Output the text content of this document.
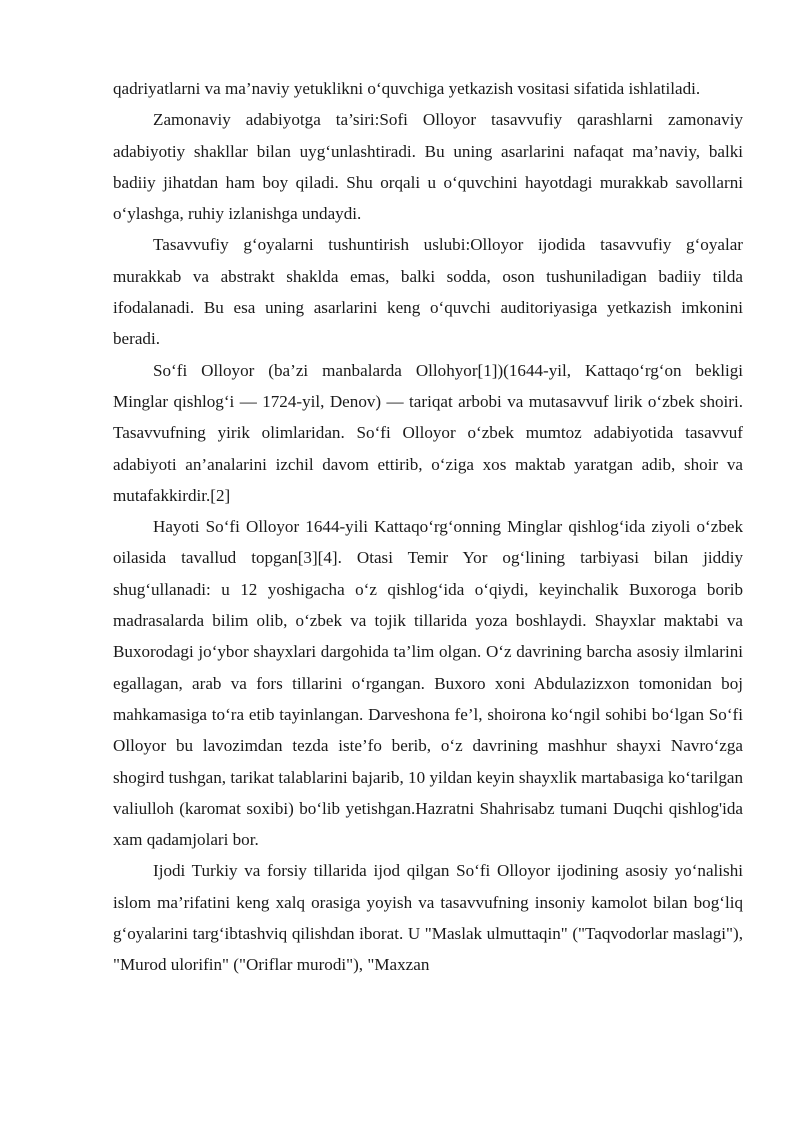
qadriyatlarni va ma’naviy yetuklikni o‘quvchiga yetkazish vositasi sifatida ishlatiladi.

Zamonaviy adabiyotga ta’siri:Sofi Olloyor tasavvufiy qarashlarni zamonaviy adabiyotiy shakllar bilan uyg‘unlashtiradi. Bu uning asarlarini nafaqat ma’naviy, balki badiiy jihatdan ham boy qiladi. Shu orqali u o‘quvchini hayotdagi murakkab savollarni o‘ylashga, ruhiy izlanishga undaydi.

Tasavvufiy g‘oyalarni tushuntirish uslubi:Olloyor ijodida tasavvufiy g‘oyalar murakkab va abstrakt shaklda emas, balki sodda, oson tushuniladigan badiiy tilda ifodalanadi. Bu esa uning asarlarini keng o‘quvchi auditoriyasiga yetkazish imkonini beradi.

So‘fi Olloyor (ba’zi manbalarda Ollohyor[1])(1644-yil, Kattaqo‘rg‘on bekligi Minglar qishlog‘i — 1724-yil, Denov) — tariqat arbobi va mutasavvuf lirik o‘zbek shoiri. Tasavvufning yirik olimlaridan. So‘fi Olloyor o‘zbek mumtoz adabiyotida tasavvuf adabiyoti an’analarini izchil davom ettirib, o‘ziga xos maktab yaratgan adib, shoir va mutafakkirdir.[2]

Hayoti So‘fi Olloyor 1644-yili Kattaqo‘rg‘onning Minglar qishlog‘ida ziyoli o‘zbek oilasida tavallud topgan[3][4]. Otasi Temir Yor og‘lining tarbiyasi bilan jiddiy shug‘ullanadi: u 12 yoshigacha o‘z qishlog‘ida o‘qiydi, keyinchalik Buxoroga borib madrasalarda bilim olib, o‘zbek va tojik tillarida yoza boshlaydi. Shayxlar maktabi va Buxorodagi jo‘ybor shayxlari dargohida ta’lim olgan. O‘z davrining barcha asosiy ilmlarini egallagan, arab va fors tillarini o‘rgangan. Buxoro xoni Abdulazizxon tomonidan boj mahkamasiga to‘ra etib tayinlangan. Darveshona fe’l, shoirona ko‘ngil sohibi bo‘lgan So‘fi Olloyor bu lavozimdan tezda iste’fo berib, o‘z davrining mashhur shayxi Navro‘zga shogird tushgan, tarikat talablarini bajarib, 10 yildan keyin shayxlik martabasiga ko‘tarilgan valiulloh (karomat soxibi) bo‘lib yetishgan.Hazratni Shahrisabz tumani Duqchi qishlog'ida xam qadamjolari bor.

Ijodi Turkiy va forsiy tillarida ijod qilgan So‘fi Olloyor ijodining asosiy yo‘nalishi islom ma’rifatini keng xalq orasiga yoyish va tasavvufning insoniy kamolot bilan bog‘liq g‘oyalarini targ‘ibtashviq qilishdan iborat. U "Maslak ulmuttaqin" ("Taqvodorlar maslagi"), "Murod ulorifin" ("Oriflar murodi"), "Maxzan
